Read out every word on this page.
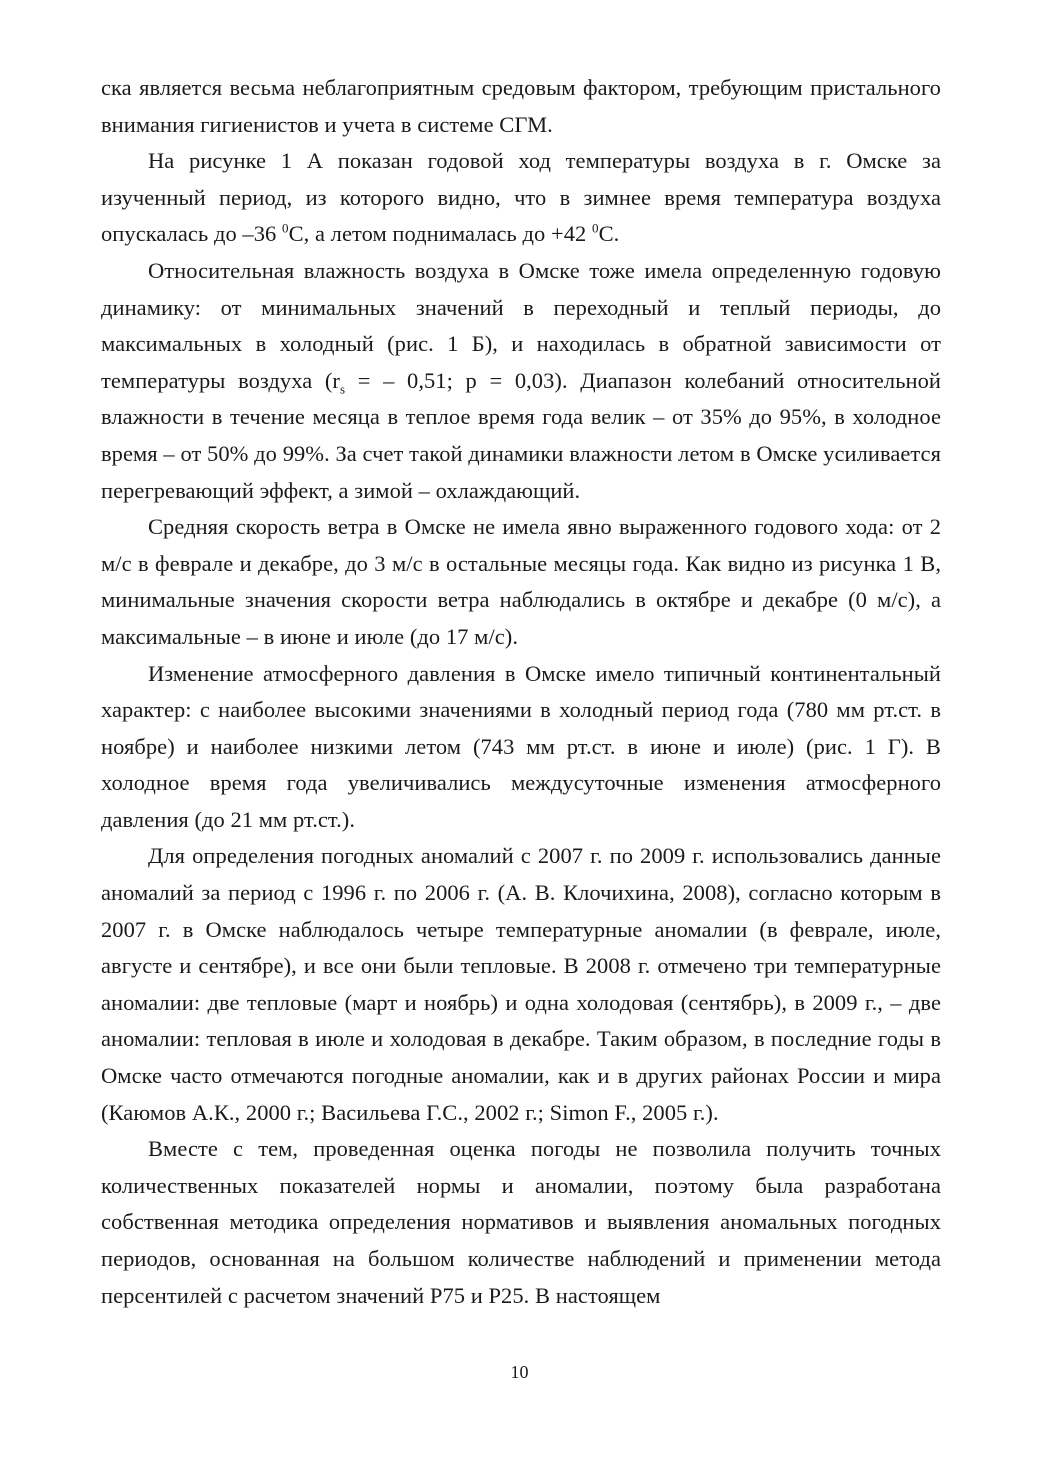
ска является весьма неблагоприятным средовым фактором, требующим пристального внимания гигиенистов и учета в системе СГМ.

На рисунке 1 А показан годовой ход температуры воздуха в г. Омске за изученный период, из которого видно, что в зимнее время температура воздуха опускалась до –36 $^0$С, а летом поднималась до +42 $^0$С.

Относительная влажность воздуха в Омске тоже имела определенную годовую динамику: от минимальных значений в переходный и теплый периоды, до максимальных в холодный (рис. 1 Б), и находилась в обратной зависимости от температуры воздуха ($r_s$ = – 0,51; p = 0,03). Диапазон колебаний относительной влажности в течение месяца в теплое время года велик – от 35% до 95%, в холодное время – от 50% до 99%. За счет такой динамики влажности летом в Омске усиливается перегревающий эффект, а зимой – охлаждающий.

Средняя скорость ветра в Омске не имела явно выраженного годового хода: от 2 м/с в феврале и декабре, до 3 м/с в остальные месяцы года. Как видно из рисунка 1 В, минимальные значения скорости ветра наблюдались в октябре и декабре (0 м/с), а максимальные – в июне и июле (до 17 м/с).

Изменение атмосферного давления в Омске имело типичный континентальный характер: с наиболее высокими значениями в холодный период года (780 мм рт.ст. в ноябре) и наиболее низкими летом (743 мм рт.ст. в июне и июле) (рис. 1 Г). В холодное время года увеличивались междусуточные изменения атмосферного давления (до 21 мм рт.ст.).

Для определения погодных аномалий с 2007 г. по 2009 г. использовались данные аномалий за период с 1996 г. по 2006 г. (А. В. Клочихина, 2008), согласно которым в 2007 г. в Омске наблюдалось четыре температурные аномалии (в феврале, июле, августе и сентябре), и все они были тепловые. В 2008 г. отмечено три температурные аномалии: две тепловые (март и ноябрь) и одна холодовая (сентябрь), в 2009 г., – две аномалии: тепловая в июле и холодовая в декабре. Таким образом, в последние годы в Омске часто отмечаются погодные аномалии, как и в других районах России и мира (Каюмов А.К., 2000 г.; Васильева Г.С., 2002 г.; Simon F., 2005 г.).

Вместе с тем, проведенная оценка погоды не позволила получить точных количественных показателей нормы и аномалии, поэтому была разработана собственная методика определения нормативов и выявления аномальных погодных периодов, основанная на большом количестве наблюдений и применении метода персентилей с расчетом значений Р75 и Р25. В настоящем

10
